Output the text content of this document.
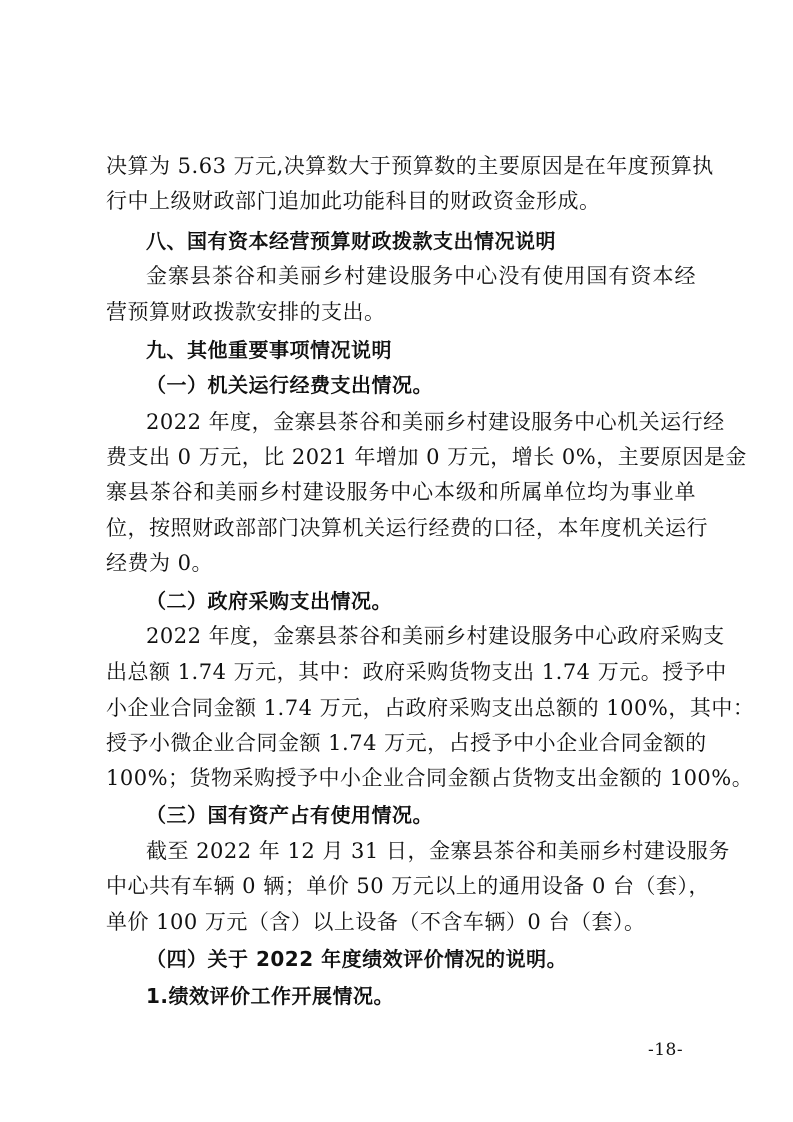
决算为 5.63 万元,决算数大于预算数的主要原因是在年度预算执
行中上级财政部门追加此功能科目的财政资金形成。
八、国有资本经营预算财政拨款支出情况说明
金寨县茶谷和美丽乡村建设服务中心没有使用国有资本经
营预算财政拨款安排的支出。
九、其他重要事项情况说明
（一）机关运行经费支出情况。
2022 年度，金寨县茶谷和美丽乡村建设服务中心机关运行经
费支出 0 万元，比 2021 年增加 0 万元，增长 0%，主要原因是金
寨县茶谷和美丽乡村建设服务中心本级和所属单位均为事业单
位，按照财政部部门决算机关运行经费的口径，本年度机关运行
经费为 0。
（二）政府采购支出情况。
2022 年度，金寨县茶谷和美丽乡村建设服务中心政府采购支
出总额 1.74 万元，其中：政府采购货物支出 1.74 万元。授予中
小企业合同金额 1.74 万元，占政府采购支出总额的 100%，其中：
授予小微企业合同金额 1.74 万元，占授予中小企业合同金额的
100%；货物采购授予中小企业合同金额占货物支出金额的 100%。
（三）国有资产占有使用情况。
截至 2022 年 12 月 31 日，金寨县茶谷和美丽乡村建设服务
中心共有车辆 0 辆；单价 50 万元以上的通用设备 0 台（套），
单价 100 万元（含）以上设备（不含车辆）0 台（套）。
（四）关于 2022 年度绩效评价情况的说明。
1.绩效评价工作开展情况。
-18-
